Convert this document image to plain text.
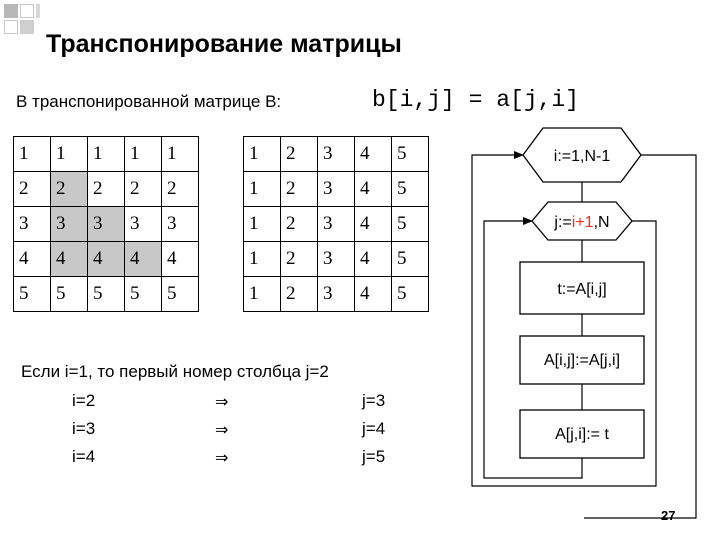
Транспонирование матрицы
В транспонированной матрице B:	b[i,j] = a[j,i]
1	1	1	1	1
2	2	2	2	2
3	3	3	3	3
4	4	4	4	4
5	5	5	5	5
1	2	3	4	5
1	2	3	4	5
1	2	3	4	5
1	2	3	4	5
1	2	3	4	5
Если i=1, то первый номер столбца j=2
i=2	⇒	j=3
i=3	⇒	j=4
i=4	⇒	j=5
i:=1,N-1
j:=i+1,N
t:=A[i,j]
A[i,j]:=A[j,i]
A[j,i]:= t
27
